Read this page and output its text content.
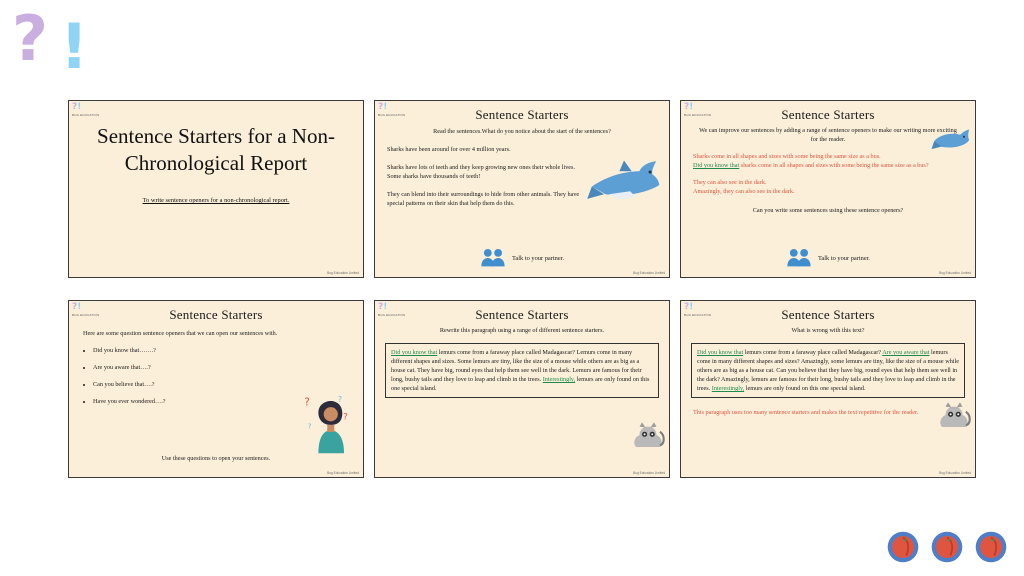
? !
?!
BUG EDUCATION
Sentence Starters for a Non-Chronological Report
To write sentence openers for a non-chronological report.
Bug Education Limited
?!
BUG EDUCATION	Sentence Starters
Read the sentences.What do you notice about the start of the sentences?
Sharks have been around for over 4 million years.
Sharks have lots of teeth and they keep growing new ones their whole lives. Some sharks have thousands of teeth!
They can blend into their surroundings to hide from other animals. They have special patterns on their skin that help them do this.
Talk to your partner.
Bug Education Limited
?!
BUG EDUCATION	Sentence Starters
We can improve our sentences by adding a range of sentence openers to make our writing more exciting for the reader.
Sharks come in all shapes and sizes with some being the same size as a bus.
Did you know that sharks come in all shapes and sizes with some being the same size as a bus?
They can also see in the dark.
Amazingly, they can also see in the dark.
Can you write some sentences using these sentence openers?
Talk to your partner.
Bug Education Limited
?!
BUG EDUCATION	Sentence Starters
Here are some question sentence openers that we can open our sentences with.
• Did you know that…….?
• Are you aware that….?
• Can you believe that….?
• Have you ever wondered….?	?	?
?
?
Use these questions to open your sentences.
Bug Education Limited
?!
BUG EDUCATION	Sentence Starters
Rewrite this paragraph using a range of different sentence starters.
Did you know that lemurs come from a faraway place called Madagascar? Lemurs come in many different shapes and sizes. Some lemurs are tiny, like the size of a mouse while others are as big as a house cat. They have big, round eyes that help them see well in the dark. Lemurs are famous for their long, bushy tails and they love to leap and climb in the trees. Interestingly, lemurs are only found on this one special island.
Bug Education Limited
?!
BUG EDUCATION	Sentence Starters
What is wrong with this text?
Did you know that lemurs come from a faraway place called Madagascar? Are you aware that lemurs come in many different shapes and sizes? Amazingly, some lemurs are tiny, like the size of a mouse while others are as big as a house cat. Can you believe that they have big, round eyes that help them see well in the dark? Amazingly, lemurs are famous for their long, bushy tails and they love to leap and climb in the trees. Interestingly, lemurs are only found on this one special island.
This paragraph uses too many sentence starters and makes the text repetitive for the reader.
Bug Education Limited
